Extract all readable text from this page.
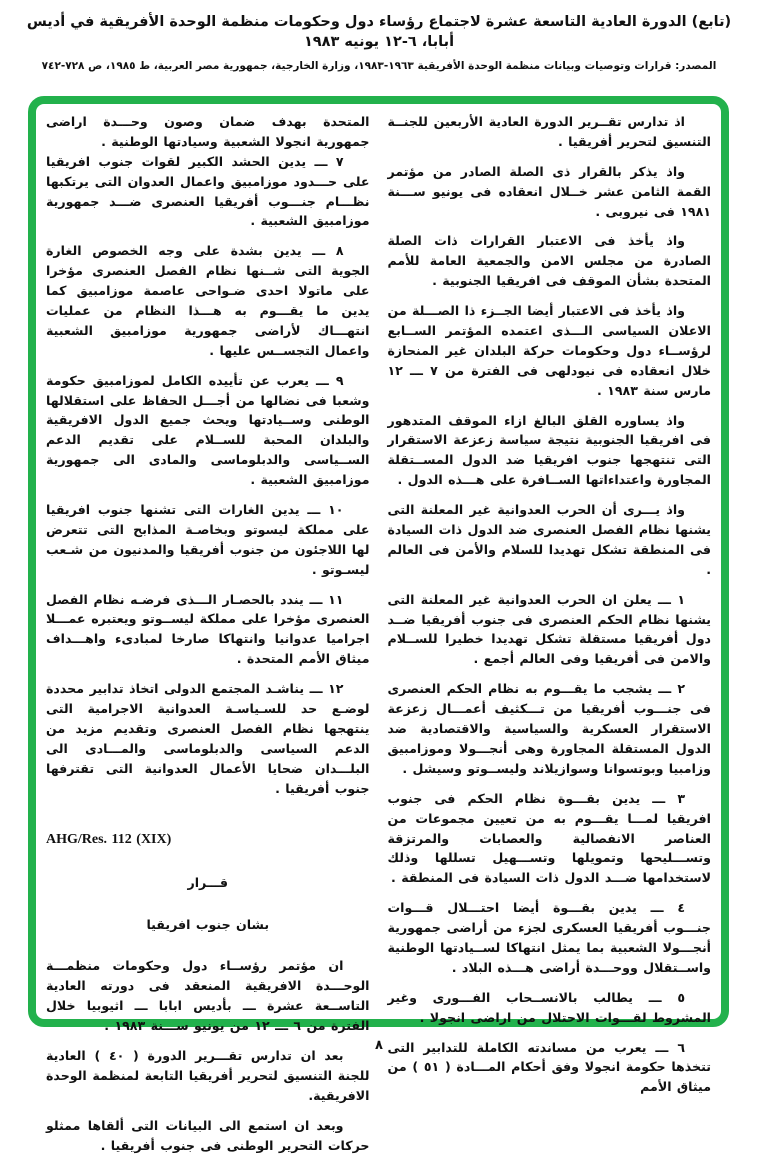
(تابع) الدورة العادية التاسعة عشرة لاجتماع رؤساء دول وحكومات منظمة الوحدة الأفريقية في أديس أبابا، ٦-١٢ يونيه ١٩٨٣
المصدر: قرارات وتوصيات وبيانات منظمة الوحدة الأفريقية ١٩٦٣-١٩٨٣، وزارة الخارجية، جمهورية مصر العربية، ط ١٩٨٥، ص ٧٢٨-٧٤٢

اذ تدارس تقــرير الدورة العادية الأربعين للجنــة التنسيق لتحرير أفريقيا .

واذ يذكر بالقرار ذى الصلة الصادر من مؤتمر القمة الثامن عشر خــلال انعقاده فى يونيو ســـنة ١٩٨١ فى نيروبى .

واذ يأخذ فى الاعتبار القرارات ذات الصلة الصادرة من مجلس الامن والجمعية العامة للأمم المتحدة بشأن الموقف فى افريقيا الجنوبية .

واذ يأخذ فى الاعتبار أيضا الجــزء ذا الصـــلة من الاعلان السياسى الـــذى اعتمده المؤتمر الســابع لرؤســاء دول وحكومات حركة البلدان غير المنحازة خلال انعقاده فى نيودلهى فى الفترة من ٧ ـــ ١٢ مارس سنة ١٩٨٣ .

واذ يساوره القلق البالغ ازاء الموقف المتدهور فى افريقيا الجنوبية نتيجة سياسة زعزعة الاستقرار التى تنتهجها جنوب افريقيا ضد الدول المســتقلة المجاورة واعتداءاتها الســافرة على هـــذه الدول .

واذ يـــرى أن الحرب العدوانية غير المعلنة التى يشنها نظام الفصل العنصرى ضد الدول ذات السيادة فى المنطقة تشكل تهديدا للسلام والأمن فى العالم .

١ ـــ يعلن ان الحرب العدوانية غير المعلنة التى يشنها نظام الحكم العنصرى فى جنوب أفريقيا ضــد دول أفريقيا مستقلة تشكل تهديدا خطيرا للســلام والامن فى أفريقيا وفى العالم أجمع .

٢ ـــ يشجب ما يقـــوم به نظام الحكم العنصرى فى جنـــوب أفريقيا من تـــكثيف أعمـــال زعزعة الاستقرار العسكرية والسياسية والاقتصادية ضد الدول المستقلة المجاورة وهى أنجـــولا وموزامبيق وزامبيا وبوتسوانا وسوازيلاند وليســوتو وسيشل .

٣ ـــ يدين بقـــوة نظام الحكم فى جنوب افريقيا لمـــا يقـــوم به من تعيين مجموعات من العناصر الانفصالية والعصابات والمرتزقة وتســـليحها وتمويلها وتســـهيل تسللها وذلك لاستخدامها ضـــد الدول ذات السيادة فى المنطقة .

٤ ـــ يدين بقـــوة أيضا احتـــلال قـــوات جنـــوب أفريقيا العسكرى لجزء من أراضى جمهورية أنجـــولا الشعبية بما يمثل انتهاكا لســيادتها الوطنية واســتقلال ووحـــدة أراضى هـــذه البلاد .

٥ ـــ يطالب بالانســحاب الفـــورى وغير المشروط لقـــوات الاحتلال من اراضى انجولا .

٦ ـــ يعرب من مساندته الكاملة للتدابير التى تتخذها حكومة انجولا وفق أحكام المـــادة ( ٥١ ) من ميثاق الأمم

المتحدة بهدف ضمان وصون وحـــدة اراضى جمهورية انجولا الشعبية وسيادتها الوطنية .

٧ ـــ يدين الحشد الكبير لقوات جنوب افريقيا على حـــدود موزامبيق واعمال العدوان التى يرتكبها نظـــام جنـــوب أفريقيا العنصرى ضـــد جمهورية موزامبيق الشعبية .

٨ ـــ يدين بشدة على وجه الخصوص الغارة الجوية التى شــنها نظام الفصل العنصرى مؤخرا على ماتولا احدى ضـواحى عاصمة موزامبيق كما يدين ما يقـــوم به هـــذا النظام من عمليات انتهـــاك لأراضى جمهورية موزامبيق الشعبية واعمال التجســس عليها .

٩ ـــ يعرب عن تأييده الكامل لموزامبيق حكومة وشعبا فى نضالها من أجـــل الحفاظ على استقلالها الوطنى وســيادتها ويحث جميع الدول الافريقية والبلدان المحبة للســلام على تقديم الدعم الســياسى والدبلوماسى والمادى الى جمهورية موزامبيق الشعبية .

١٠ ـــ يدين الغارات التى تشنها جنوب افريقيا على مملكة ليسوتو وبخاصـة المذابح التى تتعرض لها اللاجئون من جنوب أفريقيا والمدنيون من شـعب ليسـوتو .

١١ ـــ يندد بالحصـار الـــذى فرضـه نظام الفصل العنصرى مؤخرا على مملكة ليســوتو ويعتبره عمـــلا اجراميا عدوانيا وانتهاكا صارخا لمبادىء واهـــداف ميثاق الأمم المتحدة .

١٢ ـــ يناشـد المجتمع الدولى اتخاذ تدابير محددة لوضـع حد للسـياسـة العدوانية الاجرامية التى ينتهجها نظام الفصل العنصرى وتقديم مزيد من الدعم السياسى والدبلوماسى والمـــادى الى البلـــدان ضحايا الأعمال العدوانية التى تقترفها جنوب أفريقيا .

AHG/Res. 112 (XIX)

قـــرار

بشان جنوب افريقيا

ان مؤتمر رؤســاء دول وحكومات منظمـــة الوحـــدة الافريقية المنعقد فى دورته العادية التاســعة عشرة ـــ بأديس ابابا ـــ اثيوبيا خلال الفترة من ٦ ـــ ١٢ من يونيو ســـنة ١٩٨٣ .

بعد ان تدارس تقـــرير الدورة ( ٤٠ ) العادية للجنة التنسيق لتحرير أفريقيا التابعة لمنظمة الوحدة الافريقية.

وبعد ان استمع الى البيانات التى ألقاها ممثلو حركات التحرير الوطنى فى جنوب أفريقيا .

٨
